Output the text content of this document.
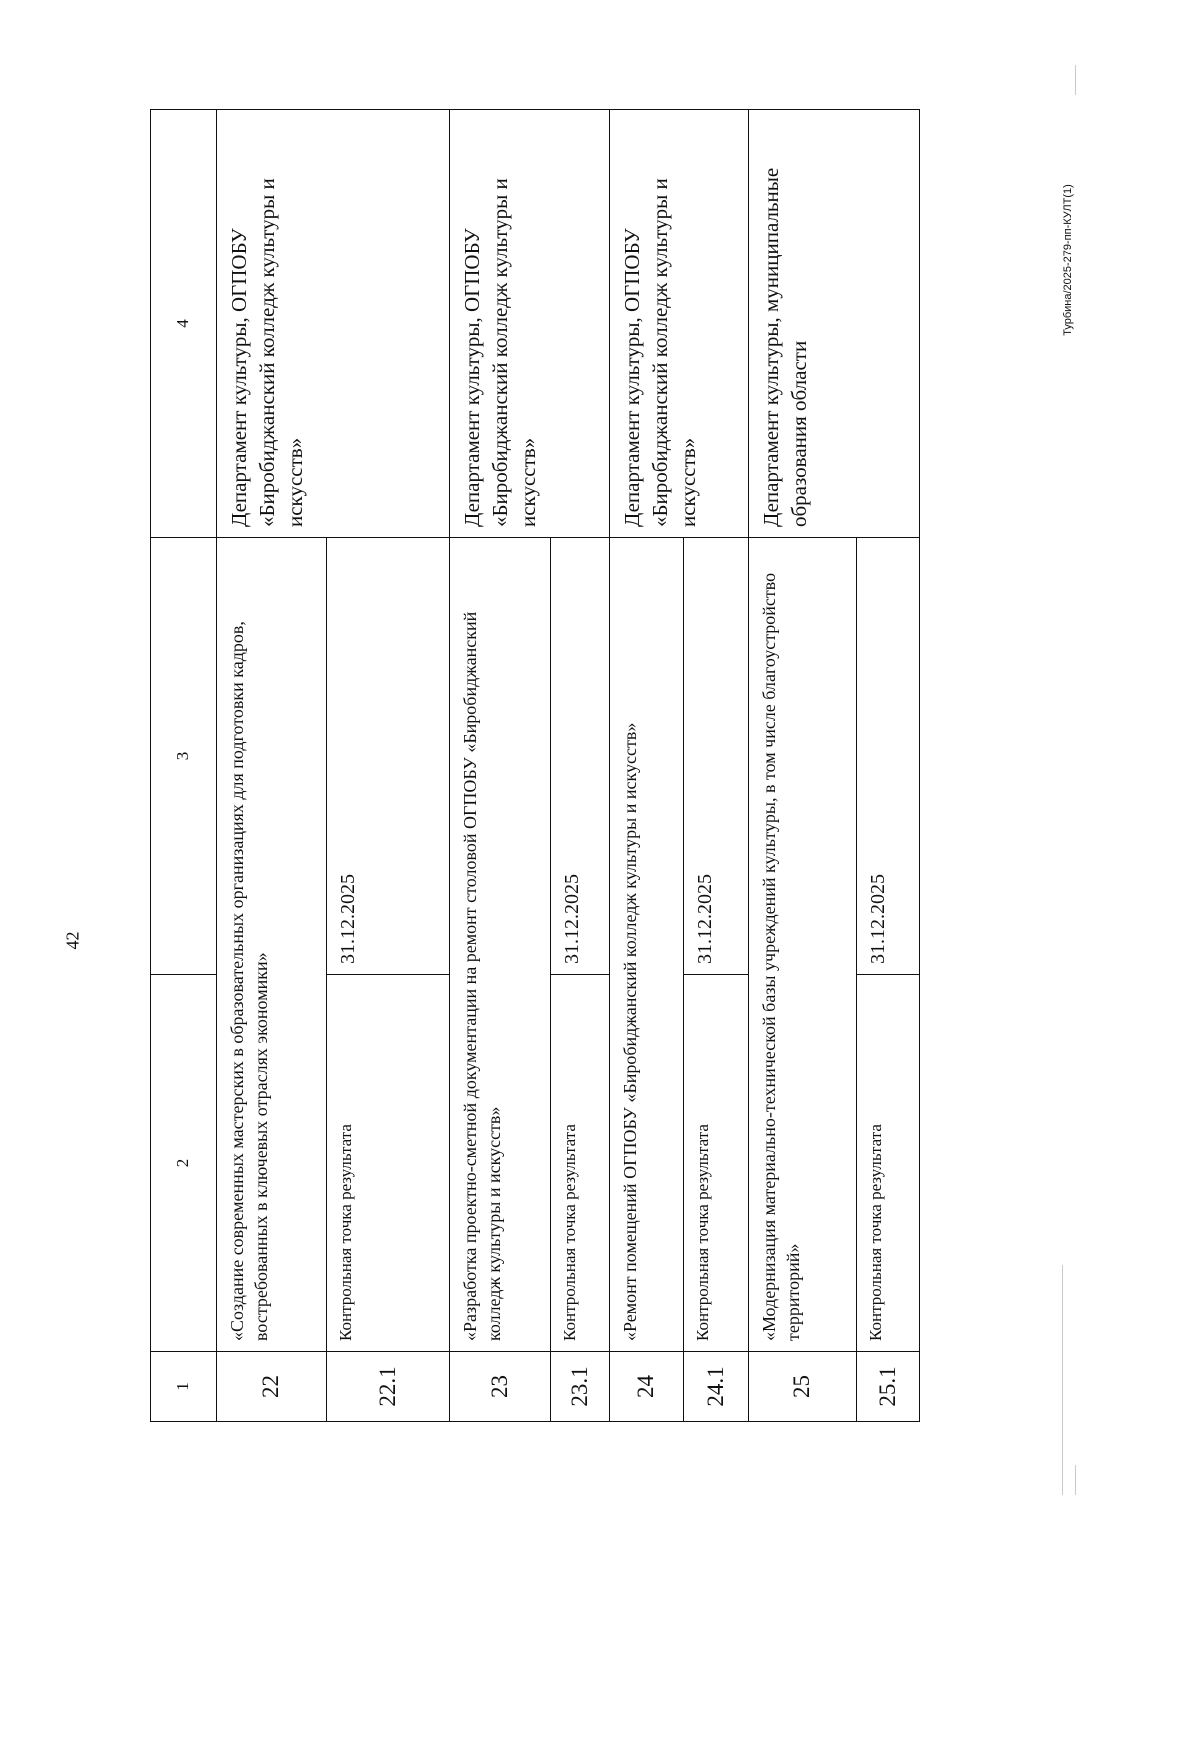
42
Турбина/2025-279-пп-КУЛТ(1)
1	2	3	4
22	«Создание современных мастерских в образовательных организациях для подготовки кадров, востребованных в ключевых отраслях экономики»		Департамент культуры, ОГПОБУ «Биробиджанский колледж культуры и искусств»
22.1	Контрольная точка результата	31.12.2025	
23	«Разработка проектно-сметной документации на ремонт столовой ОГПОБУ «Биробиджанский колледж культуры и искусств»		Департамент культуры, ОГПОБУ «Биробиджанский колледж культуры и искусств»
23.1	Контрольная точка результата	31.12.2025	
24	«Ремонт помещений ОГПОБУ «Биробиджанский колледж культуры и искусств»		Департамент культуры, ОГПОБУ «Биробиджанский колледж культуры и искусств»
24.1	Контрольная точка результата	31.12.2025	
25	«Модернизация материально-технической базы учреждений культуры, в том числе благоустройство территорий»		Департамент культуры, муниципальные образования области
25.1	Контрольная точка результата	31.12.2025	
